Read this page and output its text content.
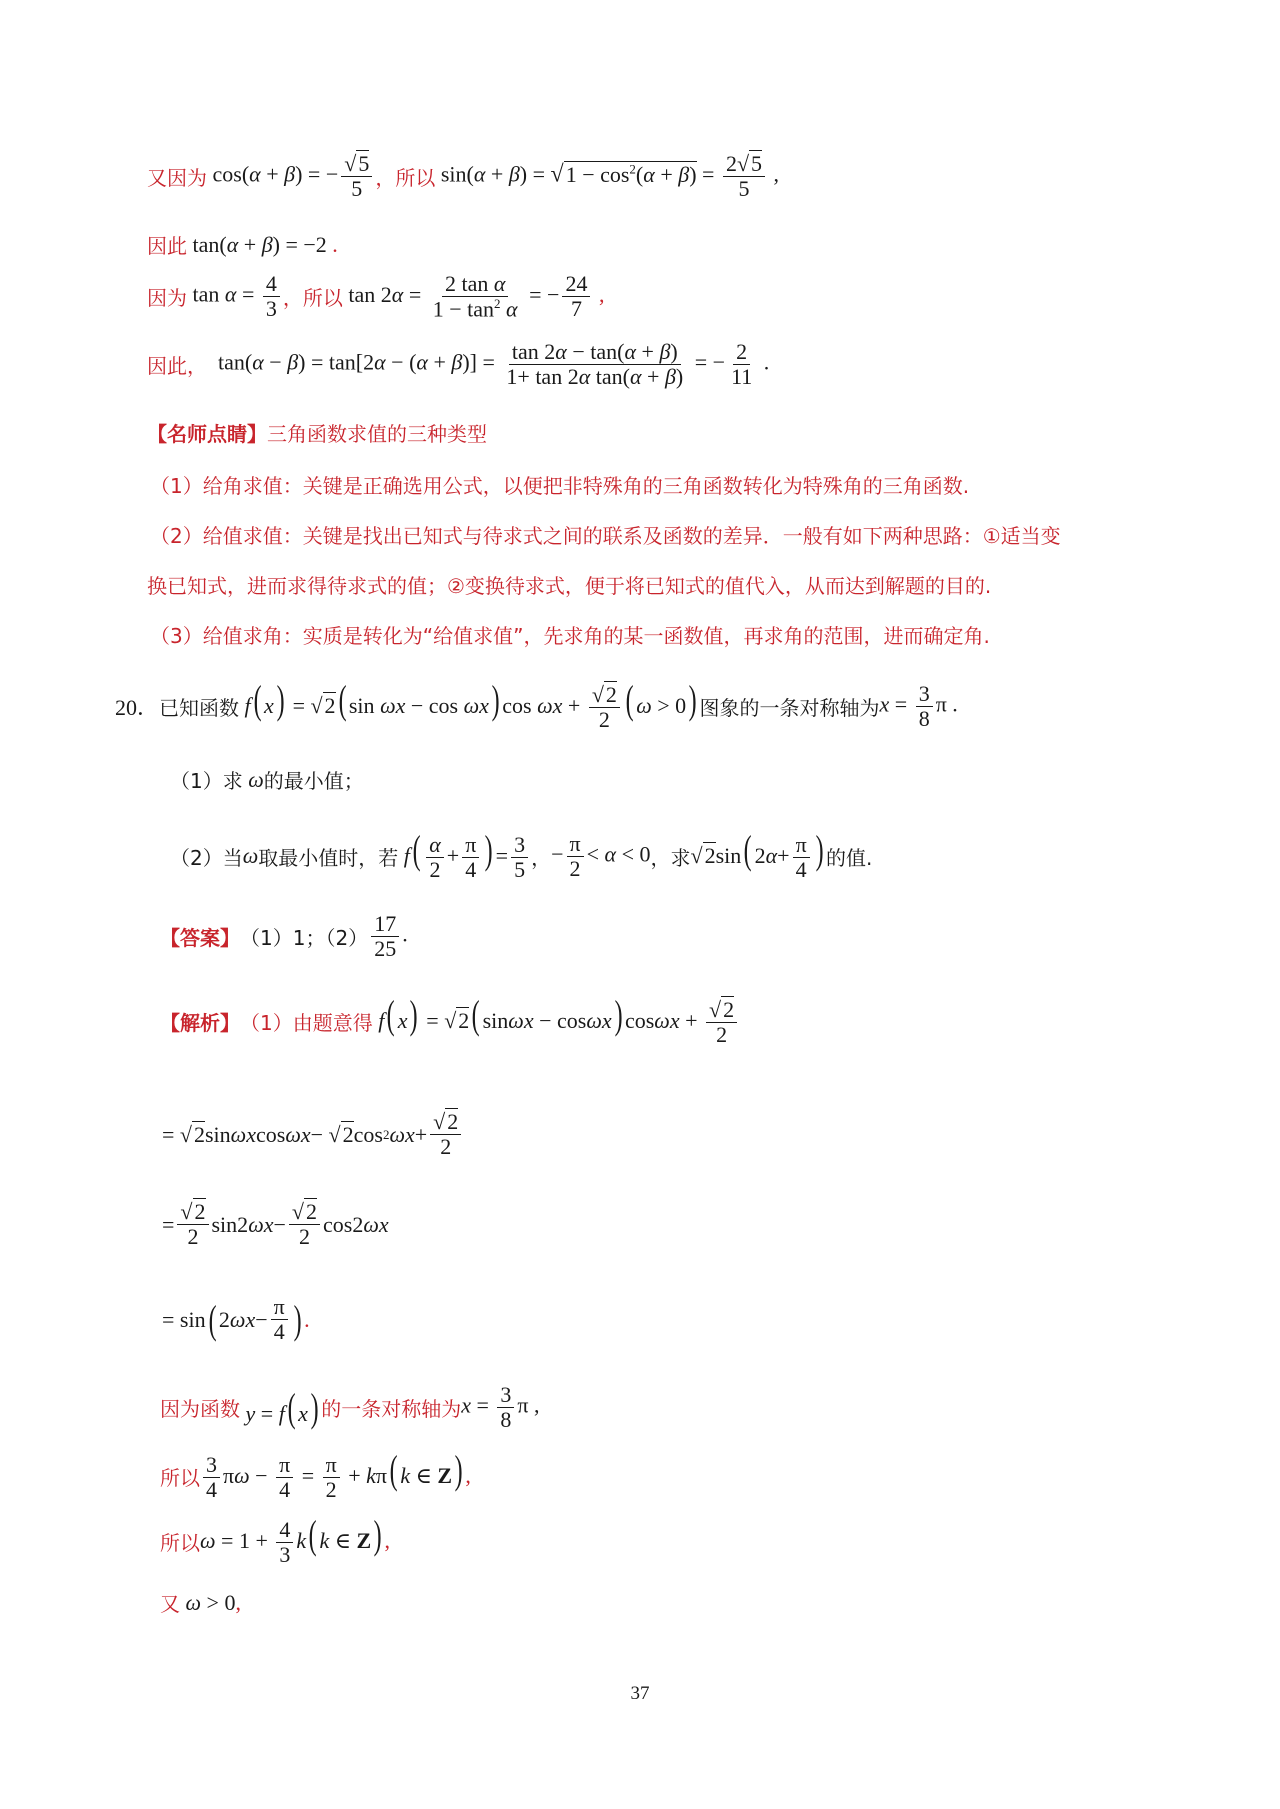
又因为 cos(α + β) = − $\frac{√5}{5}$ ，所以 $\sin(\alpha + \beta) = √1 - \cos^2(\alpha + \beta) = \frac{2√5}{5}$ ,
因此 tan(α + β) = −2 .
因为 $\tan \alpha = \frac{4}{3}$ ，所以 $\tan 2\alpha = \frac{\text{2 tan α}}{1 - \tan^2 \alpha}$ = − $\frac{24}{7}$ ,
因此， $\tan(\alpha - \beta) = \tan[2\alpha - (\alpha + \beta)] = \frac{\tan 2\alpha - \tan(\alpha + \beta)}{\text{1+ tan 2α tan(α + β)}}$ = − $\frac{2}{11}$ .
【名师点睛】 三角函数求值的三种类型
（1）给角求值：关键是正确选用公式，以便把非特殊角的三角函数转化为特殊角的三角函数.
（2）给值求值：关键是找出已知式与待求式之间的联系及函数的差异．一般有如下两种思路：①适当变
换已知式，进而求得待求式的值；②变换待求式，便于将已知式的值代入，从而达到解题的目的.
（3）给值求角：实质是转化为“给值求值”，先求角的某一函数值，再求角的范围，进而确定角.
20． 已知函数 f( x) = √2( sin ωx − cos ωx) $\cos \omega x + \frac{√2}{2}$ ( ω > 0) 图象的一条对称轴为 $x = \frac{3}{8}$ π .
（1）求 ω 的最小值；
（2）当 ω 取最小值时，若 $f( \frac{\alpha}{2} + \frac{\pi}{4}$ ) = $\frac{3}{5}$ ， − $\frac{\pi}{2} < \alpha < 0$ ，求 √2sin( $2\alpha+ \frac{\pi}{4}$ ) 的值.
【答案】 （1）1；$(2) \frac{17}{25}$ .
【解析】 （1）由题意得 f( x) = √2( sinωx − cosωx) $\cos\omega x + \frac{√2}{2}$
= √ 2 sin ωx cos ωx − √ 2 cos 2 $\omega x + \frac{√2}{2}$
= $\frac{√2}{2} \sin 2$ $\omega x - \frac{√2}{2} \cos 2$ ωx
= sin ( 2 $\omega x - \frac{\pi}{4}$ ) .
因为函数 y = f( x) 的一条对称轴为 $x = \frac{3}{8}$ π ,
所以 $\frac{3}{4}$ $\pi\omega - \frac{\pi}{4} = \frac{\pi}{2} + k\pi$( k ∈ Z) ,
所以 $\omega = 1 + \frac{4}{3} k$( k ∈ Z) ,
又 ω > 0,
37
